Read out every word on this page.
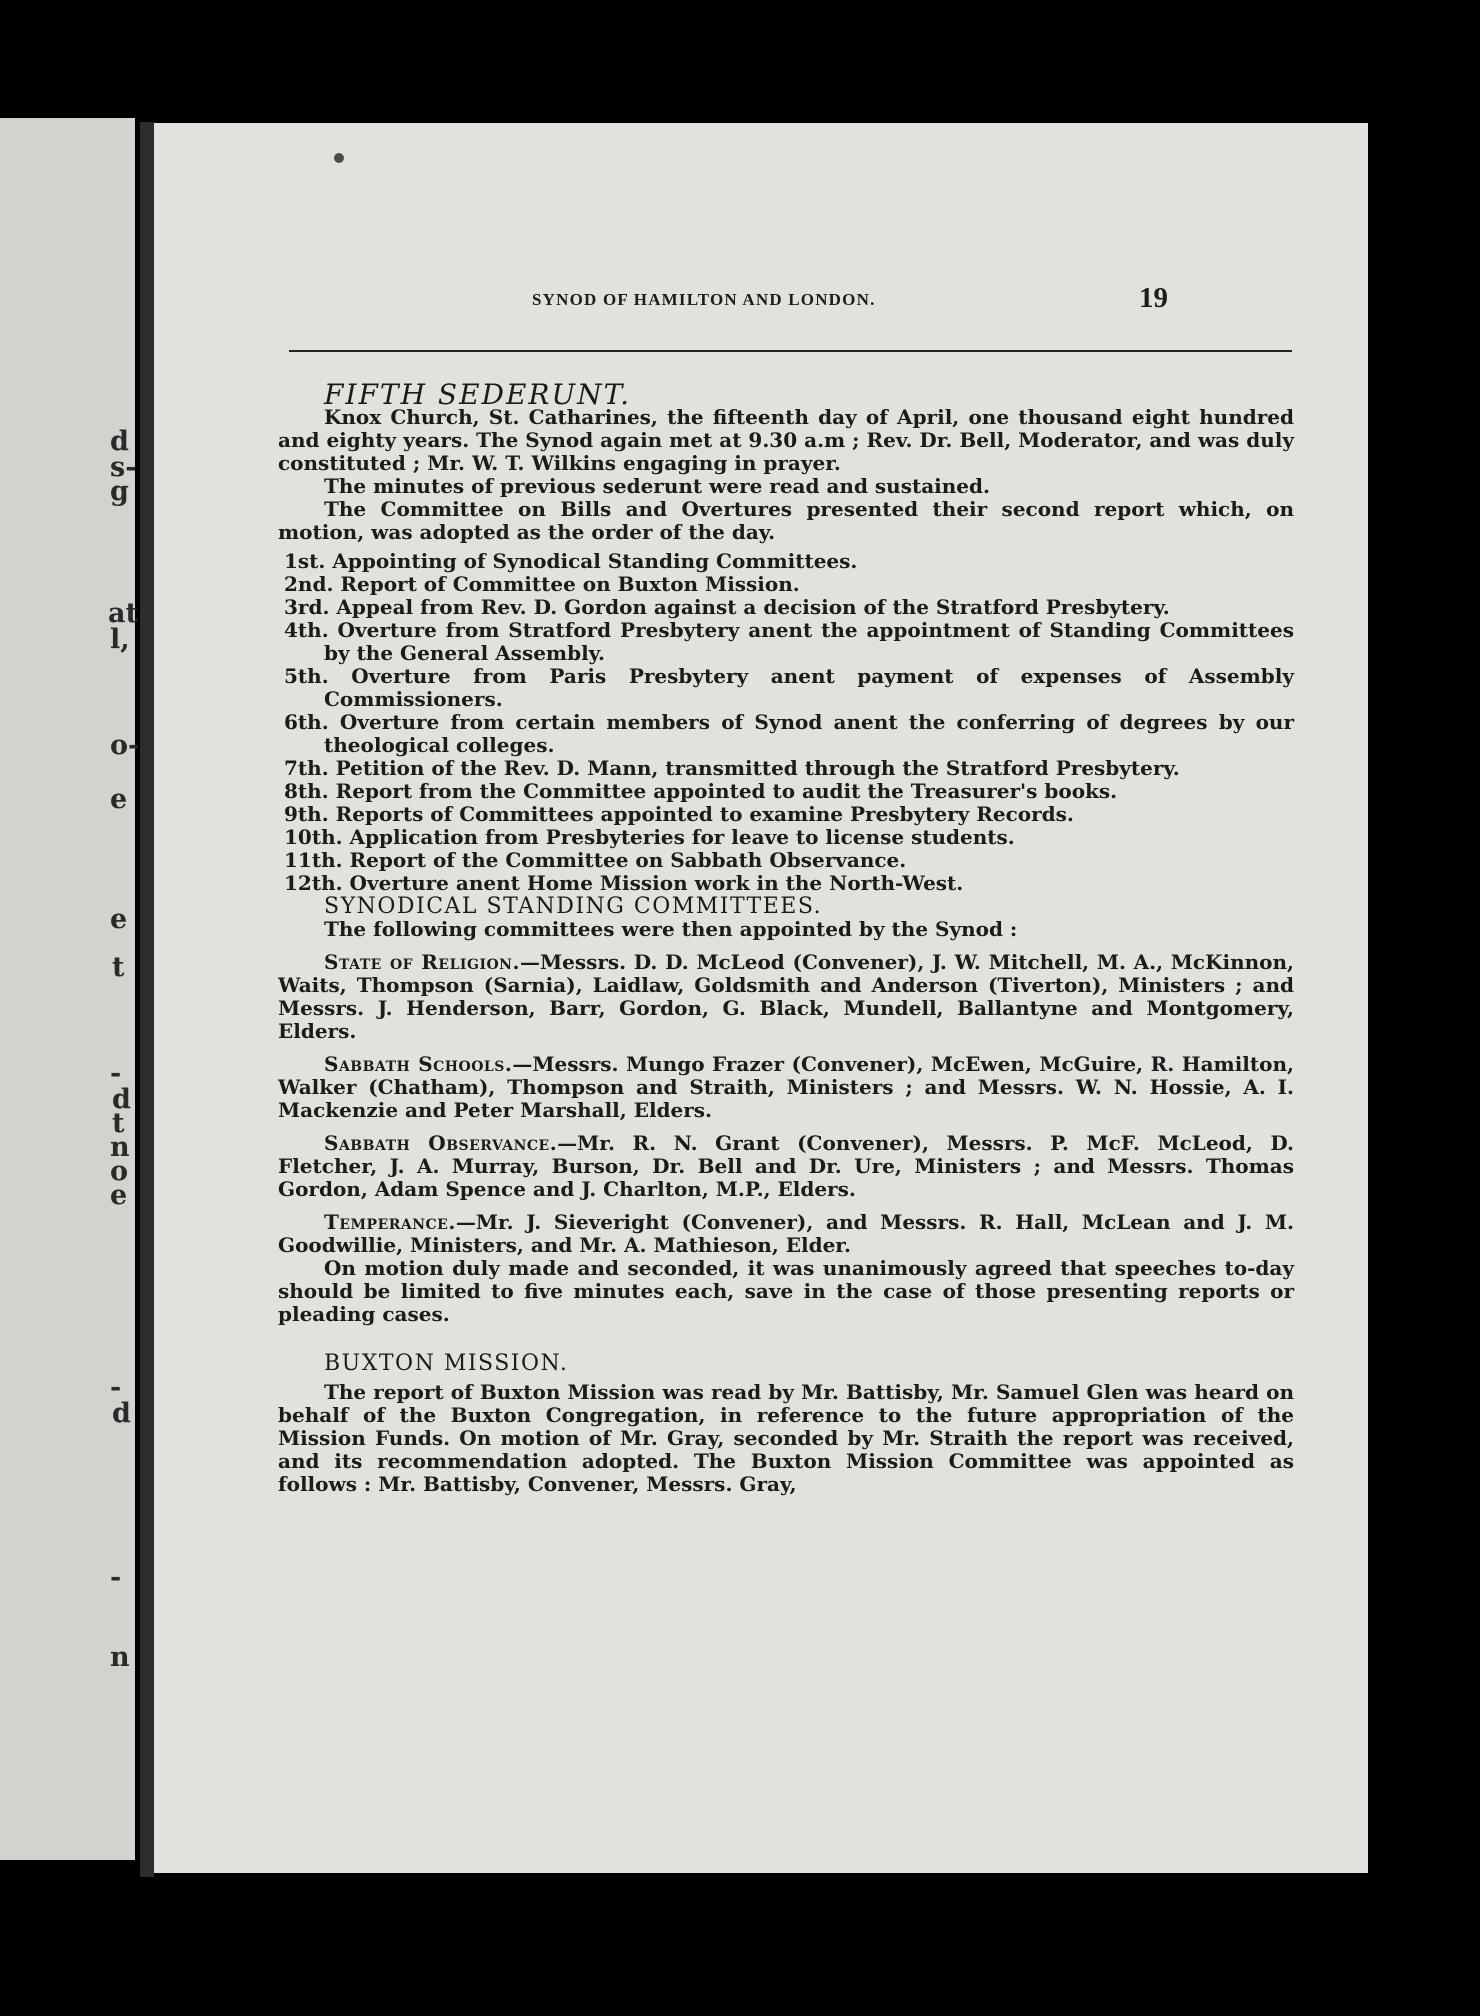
d
s-
g
at
l,
o-
e
e
t
-
d
t
n
o
e
-
d
-
n
SYNOD OF HAMILTON AND LONDON.	19

FIFTH SEDERUNT.

Knox Church, St. Catharines, the fifteenth day of April, one thousand eight hundred and eighty years. The Synod again met at 9.30 a.m ; Rev. Dr. Bell, Moderator, and was duly constituted ; Mr. W. T. Wilkins engaging in prayer.

The minutes of previous sederunt were read and sustained.

The Committee on Bills and Overtures presented their second report which, on motion, was adopted as the order of the day.

1st. Appointing of Synodical Standing Committees.

2nd. Report of Committee on Buxton Mission.

3rd. Appeal from Rev. D. Gordon against a decision of the Stratford Presbytery.

4th. Overture from Stratford Presbytery anent the appointment of Standing Committees by the General Assembly.

5th. Overture from Paris Presbytery anent payment of expenses of Assembly Commissioners.

6th. Overture from certain members of Synod anent the conferring of degrees by our theological colleges.

7th. Petition of the Rev. D. Mann, transmitted through the Stratford Presbytery.

8th. Report from the Committee appointed to audit the Treasurer's books.

9th. Reports of Committees appointed to examine Presbytery Records.

10th. Application from Presbyteries for leave to license students.

11th. Report of the Committee on Sabbath Observance.

12th. Overture anent Home Mission work in the North-West.

SYNODICAL STANDING COMMITTEES.

The following committees were then appointed by the Synod :

State of Religion.—Messrs. D. D. McLeod (Convener), J. W. Mitchell, M. A., McKinnon, Waits, Thompson (Sarnia), Laidlaw, Goldsmith and Anderson (Tiverton), Ministers ; and Messrs. J. Henderson, Barr, Gordon, G. Black, Mundell, Ballantyne and Montgomery, Elders.

Sabbath Schools.—Messrs. Mungo Frazer (Convener), McEwen, McGuire, R. Hamilton, Walker (Chatham), Thompson and Straith, Ministers ; and Messrs. W. N. Hossie, A. I. Mackenzie and Peter Marshall, Elders.

Sabbath Observance.—Mr. R. N. Grant (Convener), Messrs. P. McF. McLeod, D. Fletcher, J. A. Murray, Burson, Dr. Bell and Dr. Ure, Ministers ; and Messrs. Thomas Gordon, Adam Spence and J. Charlton, M.P., Elders.

Temperance.—Mr. J. Sieveright (Convener), and Messrs. R. Hall, McLean and J. M. Goodwillie, Ministers, and Mr. A. Mathieson, Elder.

On motion duly made and seconded, it was unanimously agreed that speeches to-day should be limited to five minutes each, save in the case of those presenting reports or pleading cases.

BUXTON MISSION.

The report of Buxton Mission was read by Mr. Battisby, Mr. Samuel Glen was heard on behalf of the Buxton Congregation, in reference to the future appropriation of the Mission Funds. On motion of Mr. Gray, seconded by Mr. Straith the report was received, and its recommendation adopted. The Buxton Mission Committee was appointed as follows : Mr. Battisby, Convener, Messrs. Gray,
